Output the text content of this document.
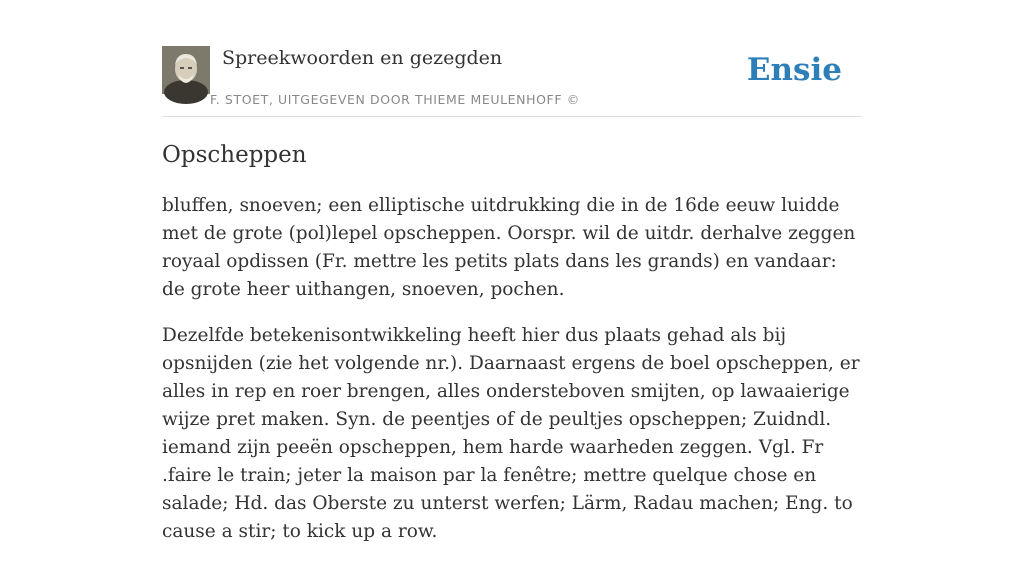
Spreekwoorden en gezegden
F. STOET, UITGEGEVEN DOOR THIEME MEULENHOFF ©
Ensie
Opscheppen

bluffen, snoeven; een elliptische uitdrukking die in de 16de eeuw luidde met de grote (pol)lepel opscheppen. Oorspr. wil de uitdr. derhalve zeggen royaal opdissen (Fr. mettre les petits plats dans les grands) en vandaar: de grote heer uithangen, snoeven, pochen.

Dezelfde betekenisontwikkeling heeft hier dus plaats gehad als bij opsnijden (zie het volgende nr.). Daarnaast ergens de boel opscheppen, er alles in rep en roer brengen, alles ondersteboven smijten, op lawaaierige wijze pret maken. Syn. de peentjes of de peultjes opscheppen; Zuidndl. iemand zijn peeën opscheppen, hem harde waarheden zeggen. Vgl. Fr .faire le train; jeter la maison par la fenêtre; mettre quelque chose en salade; Hd. das Oberste zu unterst werfen; Lärm, Radau machen; Eng. to cause a stir; to kick up a row.
